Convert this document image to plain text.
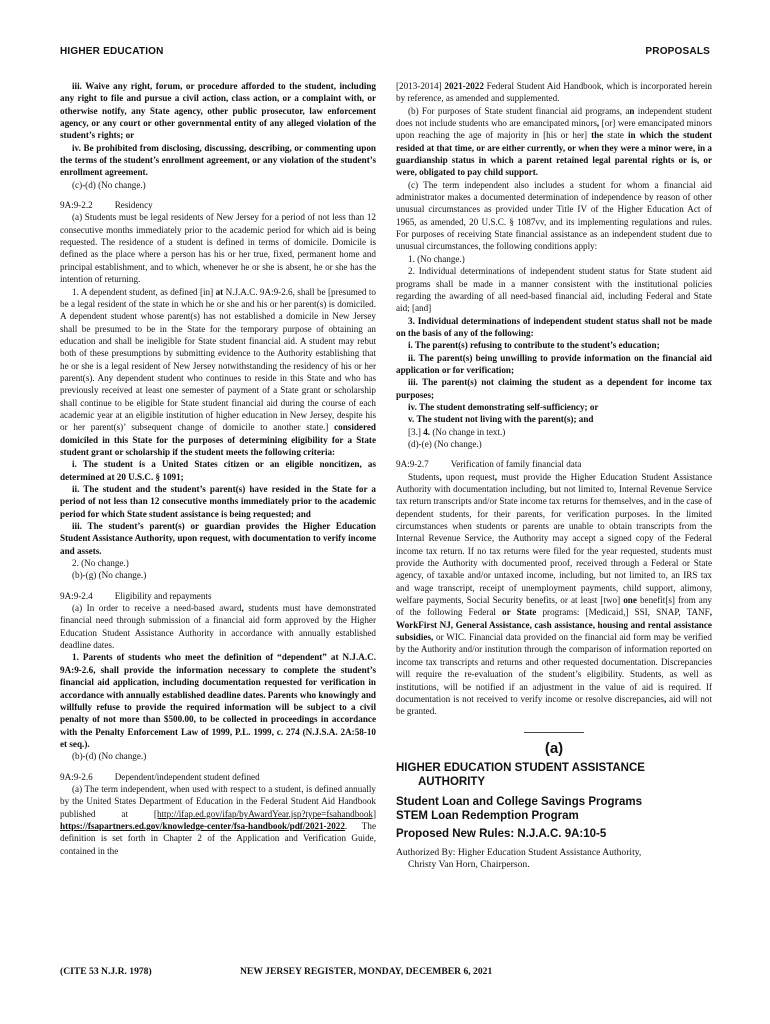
HIGHER EDUCATION	PROPOSALS

iii. Waive any right, forum, or procedure afforded to the student, including any right to file and pursue a civil action, class action, or a complaint with, or otherwise notify, any State agency, other public prosecutor, law enforcement agency, or any court or other governmental entity of any alleged violation of the student’s rights; or

iv. Be prohibited from disclosing, discussing, describing, or commenting upon the terms of the student’s enrollment agreement, or any violation of the student’s enrollment agreement.

(c)-(d) (No change.)

9A:9-2.2 Residency

(a) Students must be legal residents of New Jersey for a period of not less than 12 consecutive months immediately prior to the academic period for which aid is being requested. The residence of a student is defined in terms of domicile. Domicile is defined as the place where a person has his or her true, fixed, permanent home and principal establishment, and to which, whenever he or she is absent, he or she has the intention of returning.

1. A dependent student, as defined [in] at N.J.A.C. 9A:9-2.6, shall be [presumed to be a legal resident of the state in which he or she and his or her parent(s) is domiciled. A dependent student whose parent(s) has not established a domicile in New Jersey shall be presumed to be in the State for the temporary purpose of obtaining an education and shall be ineligible for State student financial aid. A student may rebut both of these presumptions by submitting evidence to the Authority establishing that he or she is a legal resident of New Jersey notwithstanding the residency of his or her parent(s). Any dependent student who continues to reside in this State and who has previously received at least one semester of payment of a State grant or scholarship shall continue to be eligible for State student financial aid during the course of each academic year at an eligible institution of higher education in New Jersey, despite his or her parent(s)’ subsequent change of domicile to another state.] considered domiciled in this State for the purposes of determining eligibility for a State student grant or scholarship if the student meets the following criteria:

i. The student is a United States citizen or an eligible noncitizen, as determined at 20 U.S.C. § 1091;

ii. The student and the student’s parent(s) have resided in the State for a period of not less than 12 consecutive months immediately prior to the academic period for which State student assistance is being requested; and

iii. The student’s parent(s) or guardian provides the Higher Education Student Assistance Authority, upon request, with documentation to verify income and assets.

2. (No change.)

(b)-(g) (No change.)

9A:9-2.4 Eligibility and repayments

(a) In order to receive a need-based award, students must have demonstrated financial need through submission of a financial aid form approved by the Higher Education Student Assistance Authority in accordance with annually established deadline dates.

1. Parents of students who meet the definition of “dependent” at N.J.A.C. 9A:9-2.6, shall provide the information necessary to complete the student’s financial aid application, including documentation requested for verification in accordance with annually established deadline dates. Parents who knowingly and willfully refuse to provide the required information will be subject to a civil penalty of not more than $500.00, to be collected in proceedings in accordance with the Penalty Enforcement Law of 1999, P.L. 1999, c. 274 (N.J.S.A. 2A:58-10 et seq.).

(b)-(d) (No change.)

9A:9-2.6 Dependent/independent student defined

(a) The term independent, when used with respect to a student, is defined annually by the United States Department of Education in the Federal Student Aid Handbook published at [http://ifap.ed.gov/ifap/byAwardYear.jsp?type=fsahandbook] https://fsapartners.ed.gov/knowledge-center/fsa-handbook/pdf/2021-2022. The definition is set forth in Chapter 2 of the Application and Verification Guide, contained in the

[2013-2014] 2021-2022 Federal Student Aid Handbook, which is incorporated herein by reference, as amended and supplemented.

(b) For purposes of State student financial aid programs, an independent student does not include students who are emancipated minors, [or] were emancipated minors upon reaching the age of majority in [his or her] the state in which the student resided at that time, or are either currently, or when they were a minor were, in a guardianship status in which a parent retained legal parental rights or is, or were, obligated to pay child support.

(c) The term independent also includes a student for whom a financial aid administrator makes a documented determination of independence by reason of other unusual circumstances as provided under Title IV of the Higher Education Act of 1965, as amended, 20 U.S.C. § 1087vv, and its implementing regulations and rules. For purposes of receiving State financial assistance as an independent student due to unusual circumstances, the following conditions apply:

1. (No change.)

2. Individual determinations of independent student status for State student aid programs shall be made in a manner consistent with the institutional policies regarding the awarding of all need-based financial aid, including Federal and State aid; [and]

3. Individual determinations of independent student status shall not be made on the basis of any of the following:

i. The parent(s) refusing to contribute to the student’s education;

ii. The parent(s) being unwilling to provide information on the financial aid application or for verification;

iii. The parent(s) not claiming the student as a dependent for income tax purposes;

iv. The student demonstrating self-sufficiency; or

v. The student not living with the parent(s); and

[3.] 4. (No change in text.)

(d)-(e) (No change.)

9A:9-2.7 Verification of family financial data

Students, upon request, must provide the Higher Education Student Assistance Authority with documentation including, but not limited to, Internal Revenue Service tax return transcripts and/or State income tax returns for themselves, and in the case of dependent students, for their parents, for verification purposes. In the limited circumstances when students or parents are unable to obtain transcripts from the Internal Revenue Service, the Authority may accept a signed copy of the Federal income tax return. If no tax returns were filed for the year requested, students must provide the Authority with documented proof, received through a Federal or State agency, of taxable and/or untaxed income, including, but not limited to, an IRS tax and wage transcript, receipt of unemployment payments, child support, alimony, welfare payments, Social Security benefits, or at least [two] one benefit[s] from any of the following Federal or State programs: [Medicaid,] SSI, SNAP, TANF, WorkFirst NJ, General Assistance, cash assistance, housing and rental assistance subsidies, or WIC. Financial data provided on the financial aid form may be verified by the Authority and/or institution through the comparison of information reported on income tax transcripts and returns and other requested documentation. Discrepancies will require the re-evaluation of the student’s eligibility. Students, as well as institutions, will be notified if an adjustment in the value of aid is required. If documentation is not received to verify income or resolve discrepancies, aid will not be granted.

(a)
HIGHER EDUCATION STUDENT ASSISTANCE
AUTHORITY
Student Loan and College Savings Programs
STEM Loan Redemption Program
Proposed New Rules: N.J.A.C. 9A:10-5
Authorized By: Higher Education Student Assistance Authority,
Christy Van Horn, Chairperson.
(CITE 53 N.J.R. 1978)	NEW JERSEY REGISTER, MONDAY, DECEMBER 6, 2021
